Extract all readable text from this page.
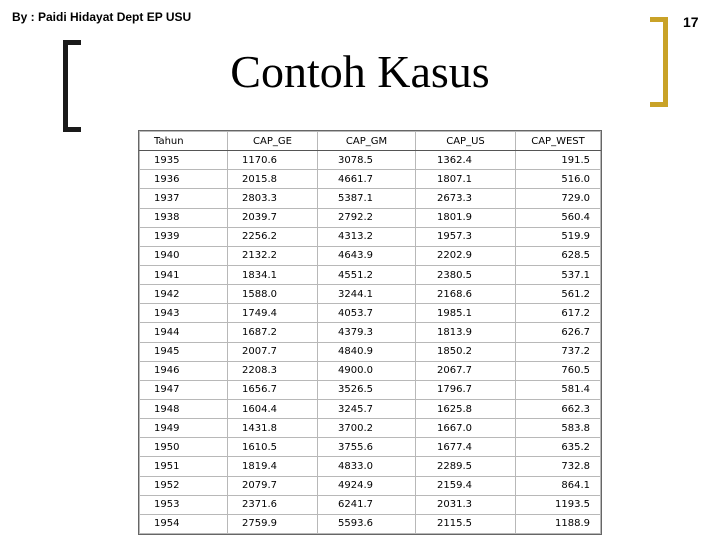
By : Paidi Hidayat Dept EP USU	17
Contoh Kasus
Tahun	CAP_GE	CAP_GM	CAP_US	CAP_WEST
1935	1170.6	3078.5	1362.4	191.5
1936	2015.8	4661.7	1807.1	516.0
1937	2803.3	5387.1	2673.3	729.0
1938	2039.7	2792.2	1801.9	560.4
1939	2256.2	4313.2	1957.3	519.9
1940	2132.2	4643.9	2202.9	628.5
1941	1834.1	4551.2	2380.5	537.1
1942	1588.0	3244.1	2168.6	561.2
1943	1749.4	4053.7	1985.1	617.2
1944	1687.2	4379.3	1813.9	626.7
1945	2007.7	4840.9	1850.2	737.2
1946	2208.3	4900.0	2067.7	760.5
1947	1656.7	3526.5	1796.7	581.4
1948	1604.4	3245.7	1625.8	662.3
1949	1431.8	3700.2	1667.0	583.8
1950	1610.5	3755.6	1677.4	635.2
1951	1819.4	4833.0	2289.5	732.8
1952	2079.7	4924.9	2159.4	864.1
1953	2371.6	6241.7	2031.3	1193.5
1954	2759.9	5593.6	2115.5	1188.9
